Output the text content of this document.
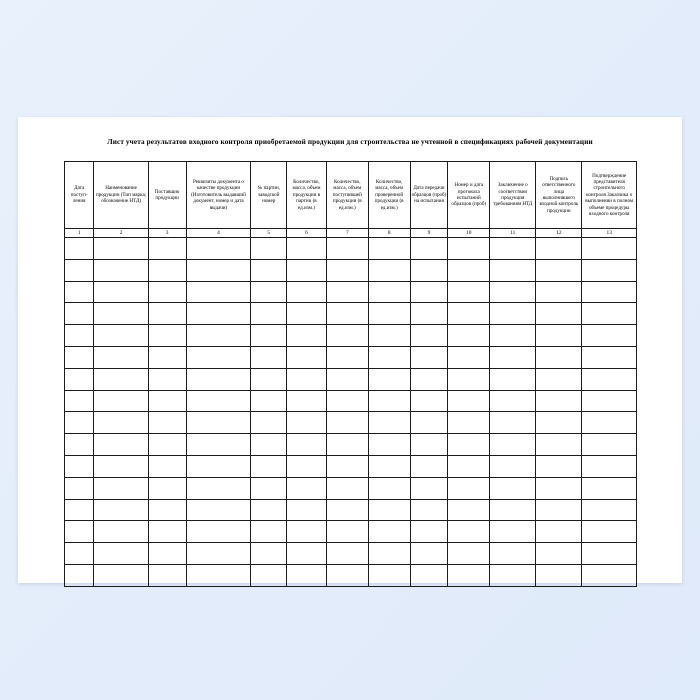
Лист учета результатов входного контроля приобретаемой продукции для строительства не учтенной в спецификациях рабочей документации
Дата поступления	Наименование продукции (Тип марка; обозначение НТД)	Поставщик продукции	Реквизиты документа о качестве продукции (Изготовитель выдавший документ, номер и дата выдачи)	№ партии, заводской номер	Количество, масса, объем продукции в партии (в ед.изм.)	Количество, масса, объем поступившей продукции (в ед.изм.)	Количество, масса, объем проверенной продукции (в ед.изм.)	Дата передачи образцов (проб) на испытания	Номер и дата протокола испытаний образцов (проб)	Заключение о соответствии продукция требованиям НТД	Подпись ответственного лица выполнившего входной контроль продукции	Подтверждение представителя строительного контроля Заказчика о выполнении в полном объеме процедуры входного контроля
1	2	3	4	5	6	7	8	9	10	11	12	13
